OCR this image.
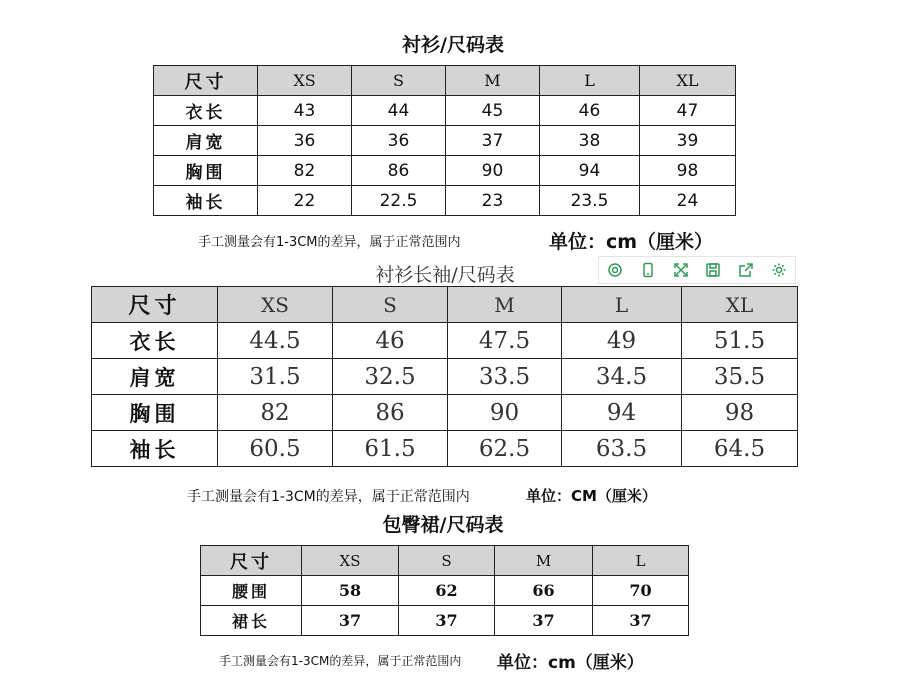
衬衫/尺码表
尺寸	XS	S	M	L	XL
衣长	43	44	45	46	47
肩宽	36	36	37	38	39
胸围	82	86	90	94	98
袖长	22	22.5	23	23.5	24
手工测量会有1-3CM的差异，属于正常范围内	单位：cm（厘米）
衬衫长袖/尺码表
尺寸	XS	S	M	L	XL
衣长	44.5	46	47.5	49	51.5
肩宽	31.5	32.5	33.5	34.5	35.5
胸围	82	86	90	94	98
袖长	60.5	61.5	62.5	63.5	64.5
手工测量会有1-3CM的差异，属于正常范围内	单位：CM（厘米）
包臀裙/尺码表
尺寸	XS	S	M	L
腰围	58	62	66	70
裙长	37	37	37	37
手工测量会有1-3CM的差异，属于正常范围内 单位：cm（厘米）
